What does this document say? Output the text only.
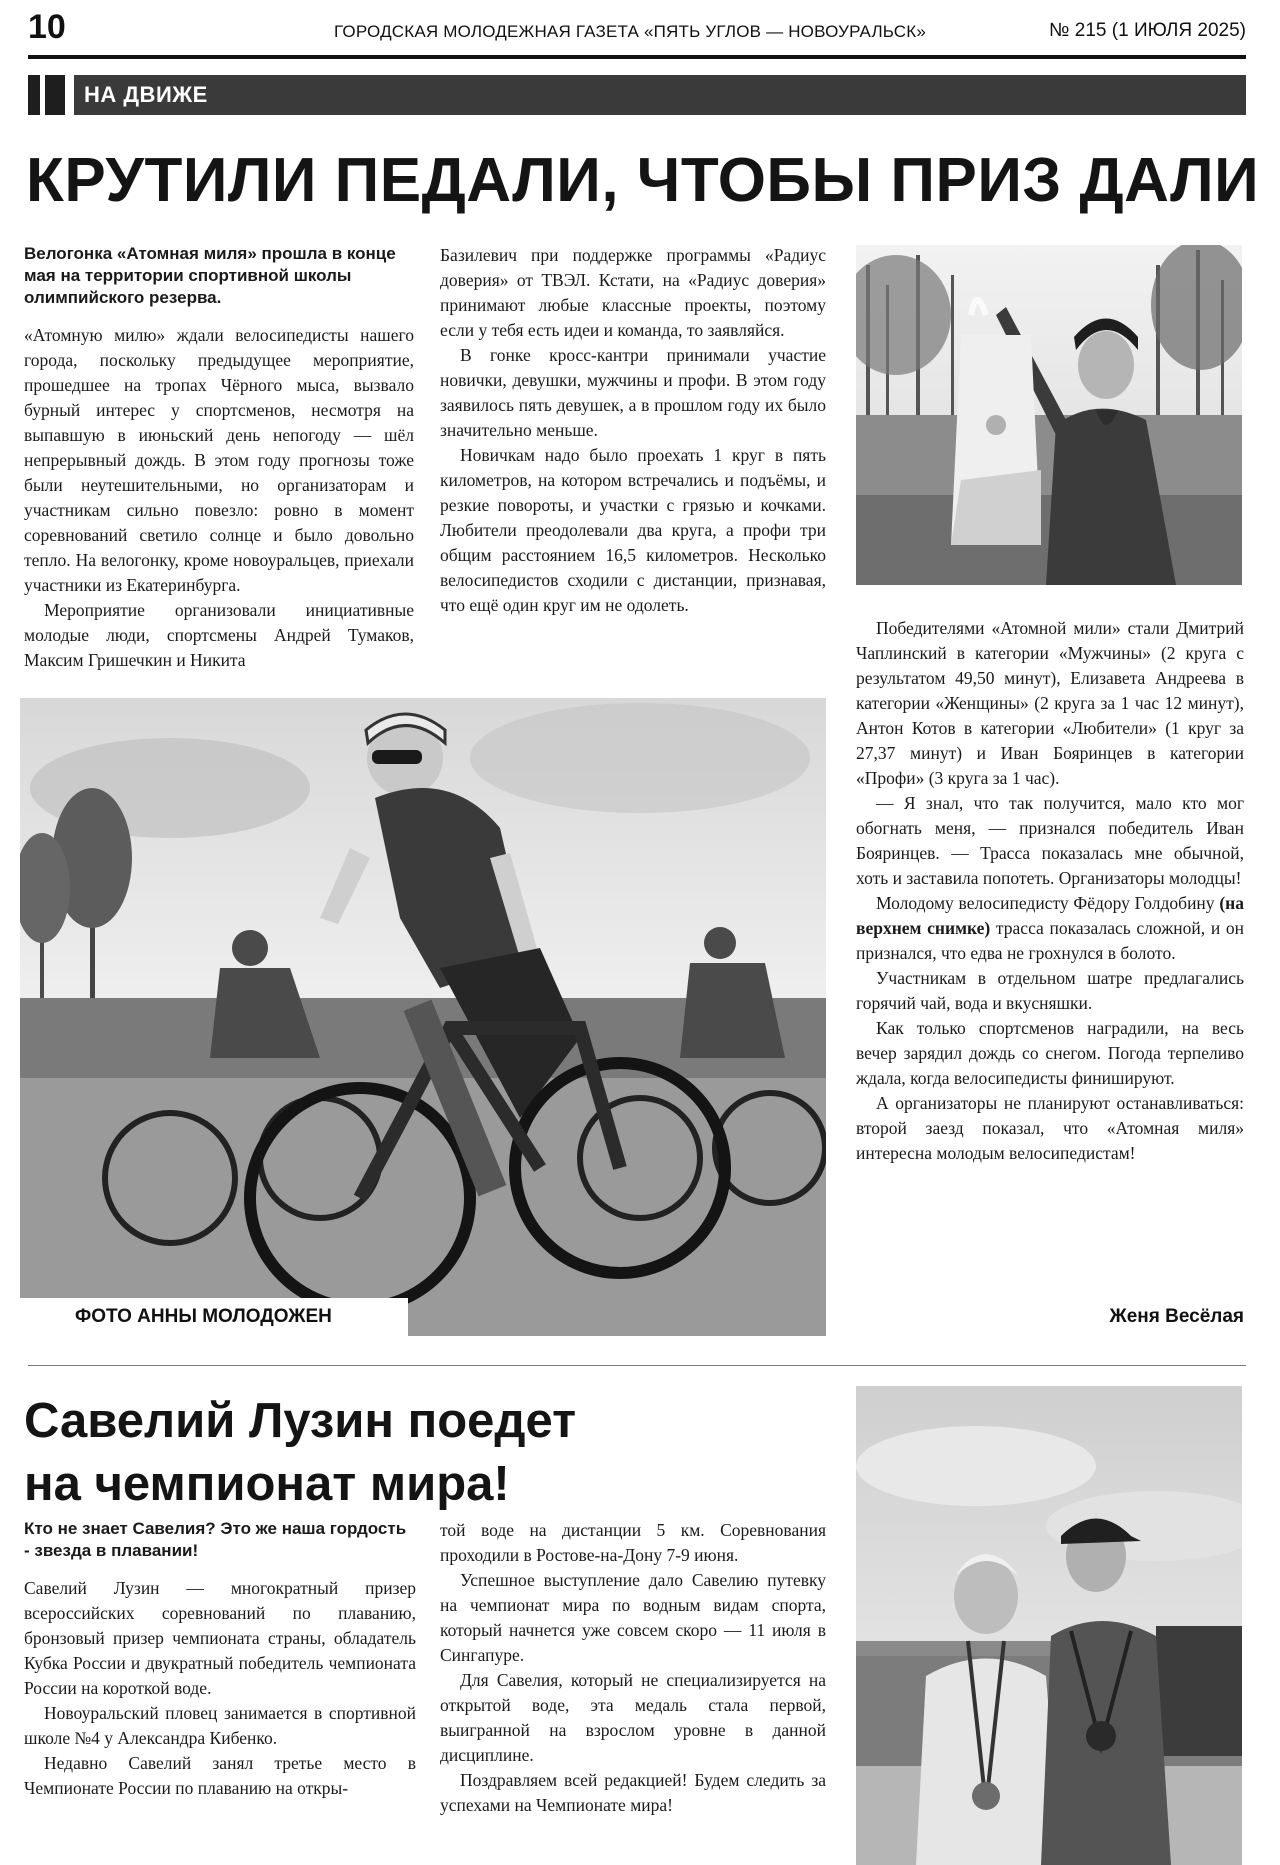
10	ГОРОДСКАЯ МОЛОДЕЖНАЯ ГАЗЕТА «ПЯТЬ УГЛОВ — НОВОУРАЛЬСК»	№ 215 (1 ИЮЛЯ 2025)
НА ДВИЖЕ
КРУТИЛИ ПЕДАЛИ, ЧТОБЫ ПРИЗ ДАЛИ

Велогонка «Атомная миля» прошла в конце мая на территории спортивной школы олимпийского резерва.

«Атомную милю» ждали велосипедисты нашего города, поскольку предыдущее мероприятие, прошедшее на тропах Чёрного мыса, вызвало бурный интерес у спортсменов, несмотря на выпавшую в июньский день непогоду — шёл непрерывный дождь. В этом году прогнозы тоже были неутешительными, но организаторам и участникам сильно повезло: ровно в момент соревнований светило солнце и было довольно тепло. На велогонку, кроме новоуральцев, приехали участники из Екатеринбурга.

Мероприятие организовали инициативные молодые люди, спортсмены Андрей Тумаков, Максим Гришечкин и Никита

Базилевич при поддержке программы «Радиус доверия» от ТВЭЛ. Кстати, на «Радиус доверия» принимают любые классные проекты, поэтому если у тебя есть идеи и команда, то заявляйся.

В гонке кросс-кантри принимали участие новички, девушки, мужчины и профи. В этом году заявилось пять девушек, а в прошлом году их было значительно меньше.

Новичкам надо было проехать 1 круг в пять километров, на котором встречались и подъёмы, и резкие повороты, и участки с грязью и кочками. Любители преодолевали два круга, а профи три общим расстоянием 16,5 километров. Несколько велосипедистов сходили с дистанции, признавая, что ещё один круг им не одолеть.

Победителями «Атомной мили» стали Дмитрий Чаплинский в категории «Мужчины» (2 круга с результатом 49,50 минут), Елизавета Андреева в категории «Женщины» (2 круга за 1 час 12 минут), Антон Котов в категории «Любители» (1 круг за 27,37 минут) и Иван Бояринцев в категории «Профи» (3 круга за 1 час).

— Я знал, что так получится, мало кто мог обогнать меня, — признался победитель Иван Бояринцев. — Трасса показалась мне обычной, хоть и заставила попотеть. Организаторы молодцы!

Молодому велосипедисту Фёдору Голдобину (на верхнем снимке) трасса показалась сложной, и он признался, что едва не грохнулся в болото.

Участникам в отдельном шатре предлагались горячий чай, вода и вкусняшки.

Как только спортсменов наградили, на весь вечер зарядил дождь со снегом. Погода терпеливо ждала, когда велосипедисты финишируют.

А организаторы не планируют останавливаться: второй заезд показал, что «Атомная миля» интересна молодым велосипедистам!

ФОТО АННЫ МОЛОДОЖЕН	Женя Весёлая
Савелий Лузин поедет
на чемпионат мира!

Кто не знает Савелия? Это же наша гордость - звезда в плавании!

Савелий Лузин — многократный призер всероссийских соревнований по плаванию, бронзовый призер чемпионата страны, обладатель Кубка России и двукратный победитель чемпионата России на короткой воде.

Новоуральский пловец занимается в спортивной школе №4 у Александра Кибенко.

Недавно Савелий занял третье место в Чемпионате России по плаванию на откры-

той воде на дистанции 5 км. Соревнования проходили в Ростове-на-Дону 7-9 июня.

Успешное выступление дало Савелию путевку на чемпионат мира по водным видам спорта, который начнется уже совсем скоро — 11 июля в Сингапуре.

Для Савелия, который не специализируется на открытой воде, эта медаль стала первой, выигранной на взрослом уровне в данной дисциплине.

Поздравляем всей редакцией! Будем следить за успехами на Чемпионате мира!
